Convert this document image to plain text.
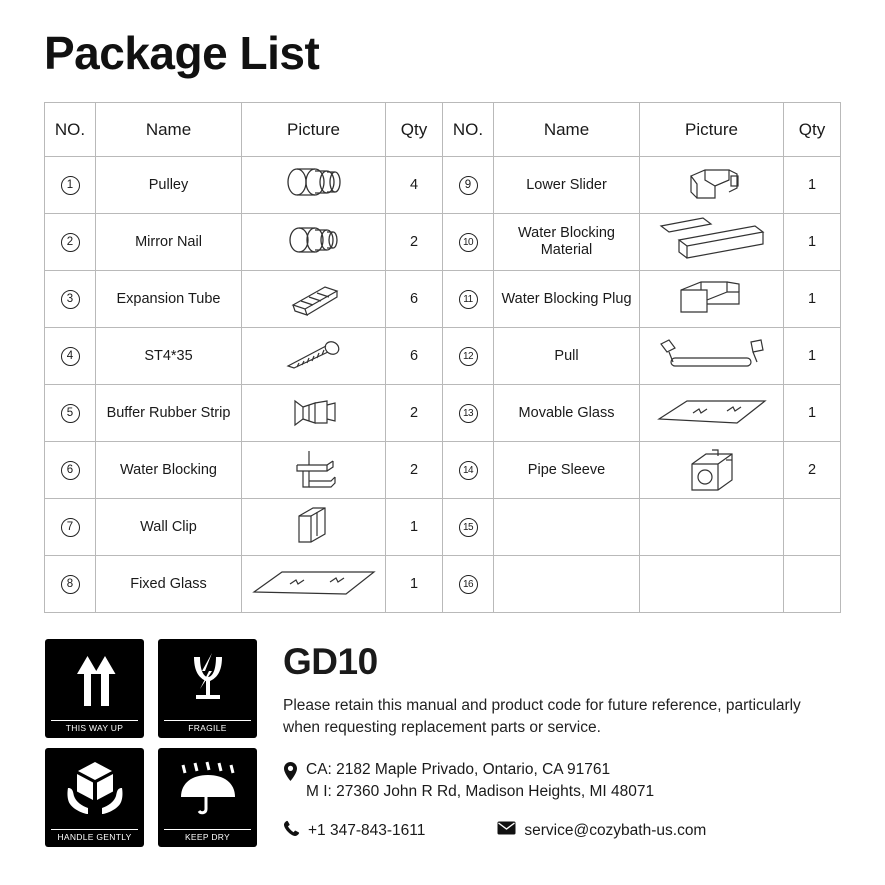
Package List
NO.	Name	Picture	Qty	NO.	Name	Picture	Qty
1	Pulley		4	9	Lower Slider		1
2	Mirror Nail		2	10	Water Blocking Material		1
3	Expansion Tube		6	11	Water Blocking Plug		1
4	ST4*35		6	12	Pull		1
5	Buffer Rubber Strip		2	13	Movable Glass		1
6	Water Blocking		2	14	Pipe Sleeve		2
7	Wall Clip		1	15	

8	Fixed Glass		1	16	

THIS WAY UP	FRAGILE
HANDLE GENTLY	KEEP DRY
GD10

Please retain this manual and product code for future reference, particularly when requesting replacement parts or service.

CA: 2182 Maple Privado, Ontario, CA 91761
M I: 27360 John R Rd, Madison Heights, MI 48071
+1 347-843-1611	service@cozybath-us.com
